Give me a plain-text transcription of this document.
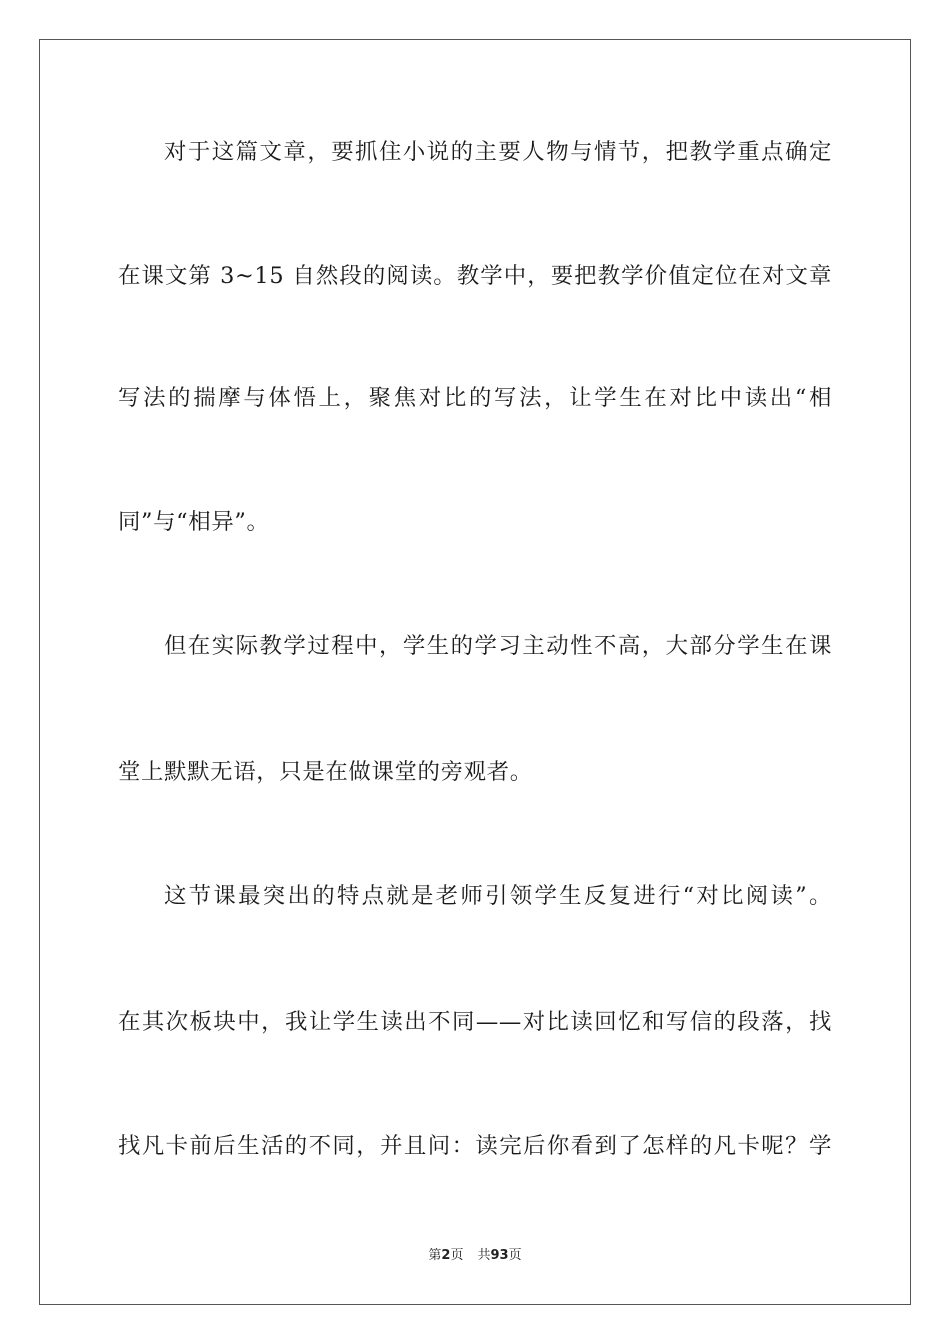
对于这篇文章，要抓住小说的主要人物与情节，把教学重点确定
在课文第 3~15 自然段的阅读。教学中，要把教学价值定位在对文章
写法的揣摩与体悟上，聚焦对比的写法，让学生在对比中读出“相
同”与“相异”。
但在实际教学过程中，学生的学习主动性不高，大部分学生在课
堂上默默无语，只是在做课堂的旁观者。
这节课最突出的特点就是老师引领学生反复进行“对比阅读”。
在其次板块中，我让学生读出不同——对比读回忆和写信的段落，找
找凡卡前后生活的不同，并且问：读完后你看到了怎样的凡卡呢？学
第2页 共93页
